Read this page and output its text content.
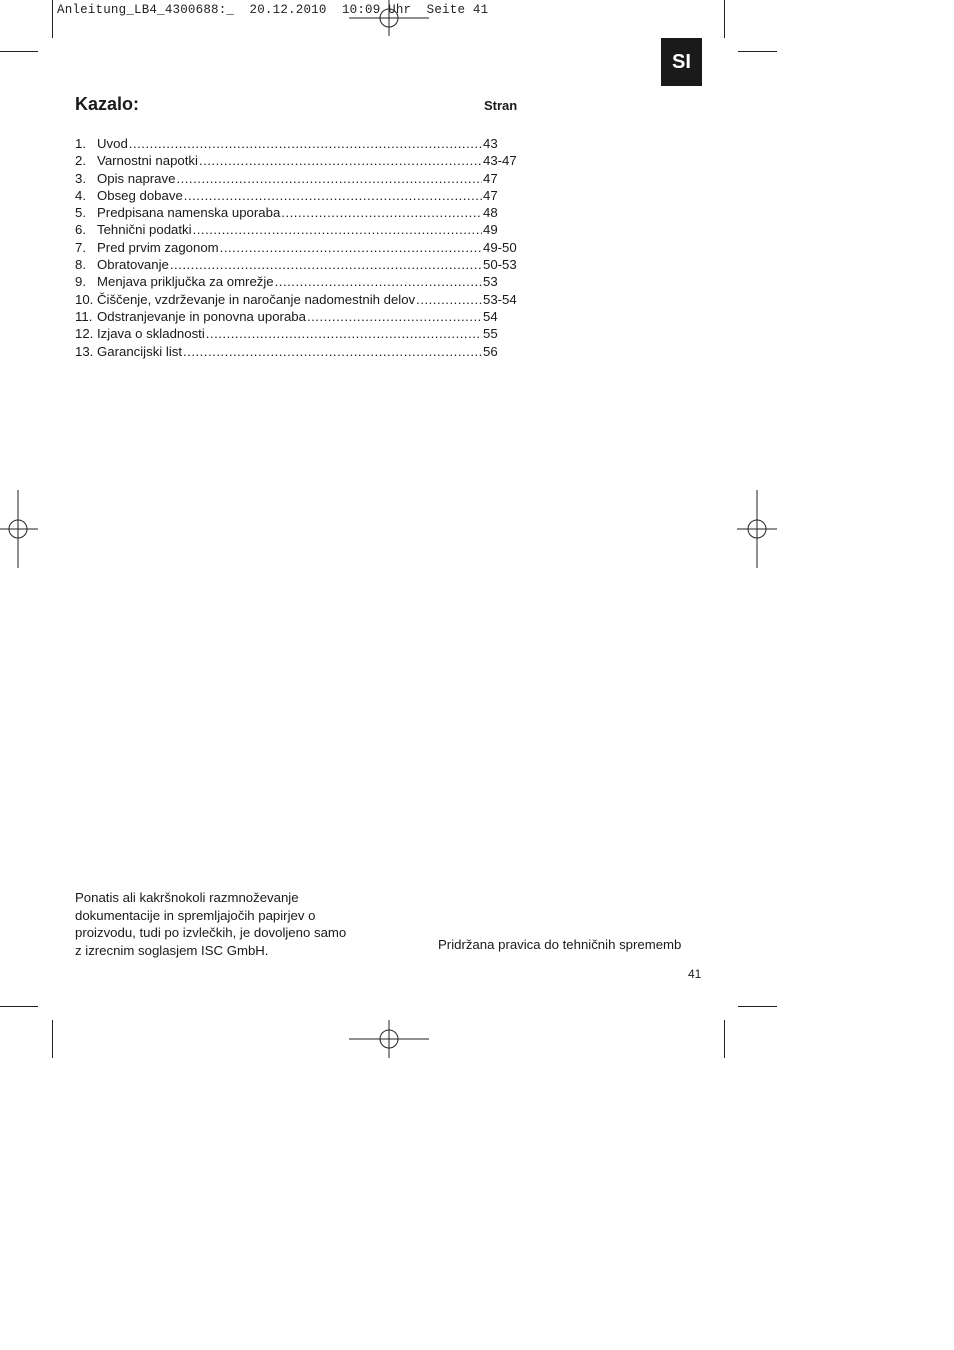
Anleitung_LB4_4300688:_  20.12.2010  10:09 Uhr  Seite 41
SI
Kazalo:	Stran
1. Uvod .....	43
2. Varnostni napotki .....	43-47
3. Opis naprave .....	47
4. Obseg dobave .....	47
5. Predpisana namenska uporaba .....	48
6. Tehnični podatki .....	49
7. Pred prvim zagonom .....	49-50
8. Obratovanje .....	50-53
9. Menjava priključka za omrežje .....	53
10. Čiščenje, vzdrževanje in naročanje nadomestnih delov .....	53-54
11. Odstranjevanje in ponovna uporaba .....	54
12. Izjava o skladnosti .....	55
13. Garancijski list .....	56
Ponatis ali kakršnokoli razmnoževanje
dokumentacije in spremljajočih papirjev o
proizvodu, tudi po izvlečkih, je dovoljeno samo
z izrecnim soglasjem ISC GmbH.	Pridržana pravica do tehničnih sprememb
41
